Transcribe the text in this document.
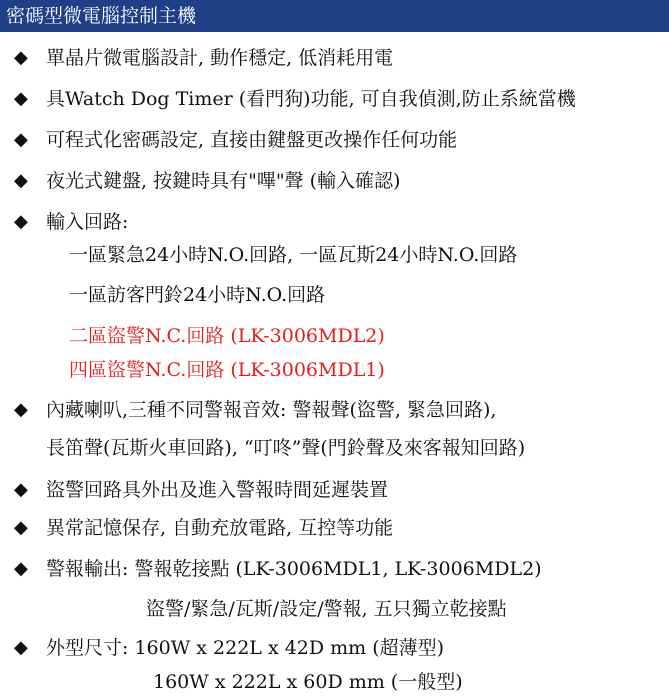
密碼型微電腦控制主機
◆ 單晶片微電腦設計, 動作穩定, 低消耗用電
◆ 具Watch Dog Timer (看門狗)功能, 可自我偵測,防止系統當機
◆ 可程式化密碼設定, 直接由鍵盤更改操作任何功能
◆ 夜光式鍵盤, 按鍵時具有"嗶"聲 (輸入確認)
◆ 輸入回路:
一區緊急24小時N.O.回路, 一區瓦斯24小時N.O.回路
一區訪客門鈴24小時N.O.回路
二區盜警N.C.回路 (LK-3006MDL2)
四區盜警N.C.回路 (LK-3006MDL1)
◆ 內藏喇叭,三種不同警報音效: 警報聲(盜警, 緊急回路),
長笛聲(瓦斯火車回路), “叮咚”聲(門鈴聲及來客報知回路)
◆ 盜警回路具外出及進入警報時間延遲裝置
◆ 異常記憶保存, 自動充放電路, 互控等功能
◆ 警報輸出: 警報乾接點 (LK-3006MDL1, LK-3006MDL2)
盜警/緊急/瓦斯/設定/警報, 五只獨立乾接點
◆ 外型尺寸: 160W x 222L x 42D mm (超薄型)
160W x 222L x 60D mm (一般型)
